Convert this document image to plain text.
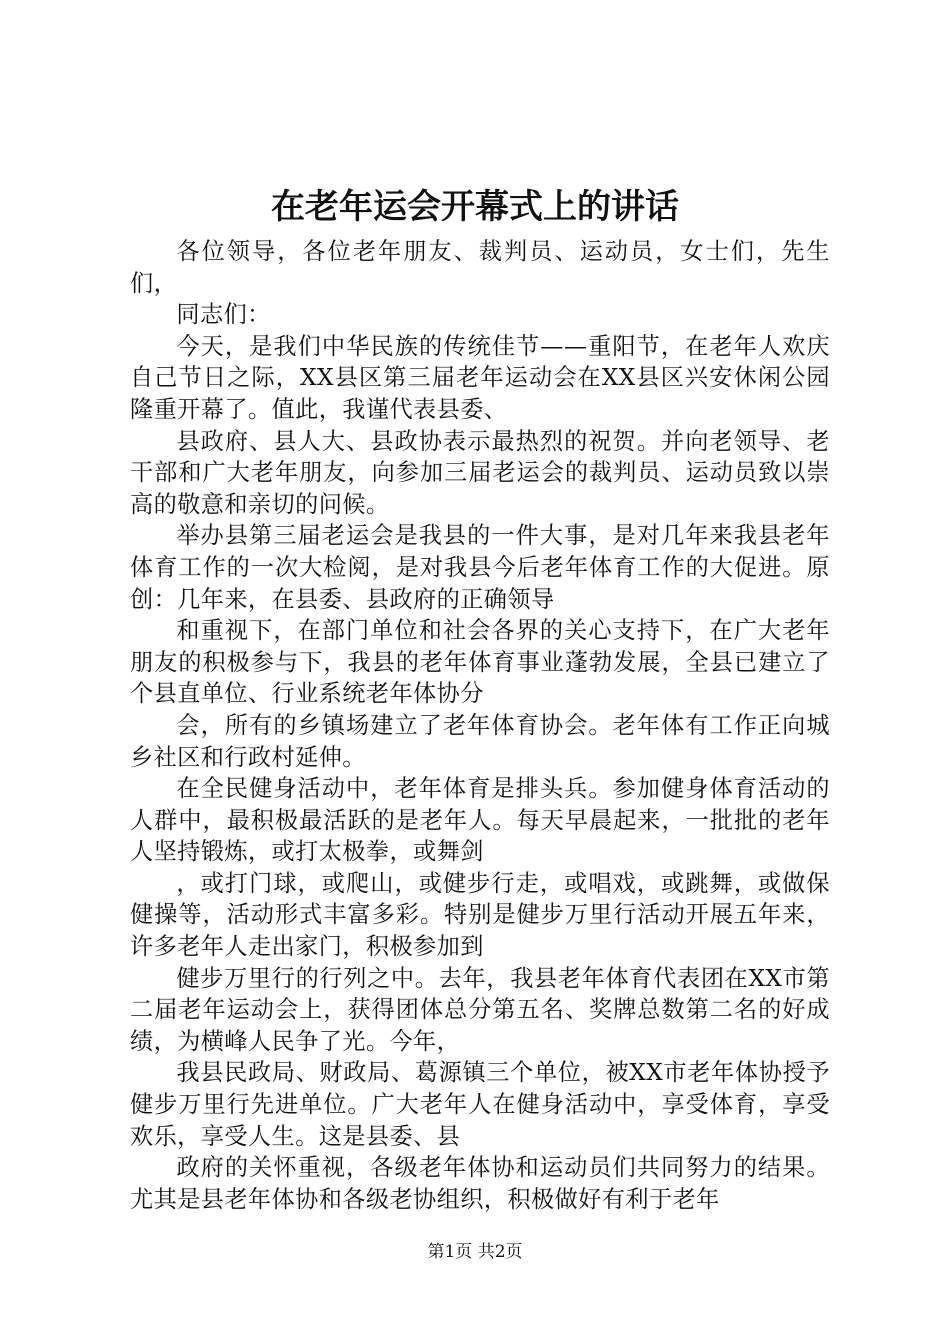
在老年运会开幕式上的讲话

各位领导，各位老年朋友、裁判员、运动员，女士们，先生们，

同志们：

今天，是我们中华民族的传统佳节——重阳节，在老年人欢庆自己节日之际，XX县区第三届老年运动会在XX县区兴安休闲公园隆重开幕了。值此，我谨代表县委、

县政府、县人大、县政协表示最热烈的祝贺。并向老领导、老干部和广大老年朋友，向参加三届老运会的裁判员、运动员致以崇高的敬意和亲切的问候。

举办县第三届老运会是我县的一件大事，是对几年来我县老年体育工作的一次大检阅，是对我县今后老年体育工作的大促进。原创：几年来，在县委、县政府的正确领导

和重视下，在部门单位和社会各界的关心支持下，在广大老年朋友的积极参与下，我县的老年体育事业蓬勃发展，全县已建立了个县直单位、行业系统老年体协分

会，所有的乡镇场建立了老年体育协会。老年体有工作正向城乡社区和行政村延伸。

在全民健身活动中，老年体育是排头兵。参加健身体育活动的人群中，最积极最活跃的是老年人。每天早晨起来，一批批的老年人坚持锻炼，或打太极拳，或舞剑

，或打门球，或爬山，或健步行走，或唱戏，或跳舞，或做保健操等，活动形式丰富多彩。特别是健步万里行活动开展五年来，许多老年人走出家门，积极参加到

健步万里行的行列之中。去年，我县老年体育代表团在XX市第二届老年运动会上，获得团体总分第五名、奖牌总数第二名的好成绩，为横峰人民争了光。今年，

我县民政局、财政局、葛源镇三个单位，被XX市老年体协授予健步万里行先进单位。广大老年人在健身活动中，享受体育，享受欢乐，享受人生。这是县委、县

政府的关怀重视，各级老年体协和运动员们共同努力的结果。尤其是县老年体协和各级老协组织，积极做好有利于老年

第1页 共2页
